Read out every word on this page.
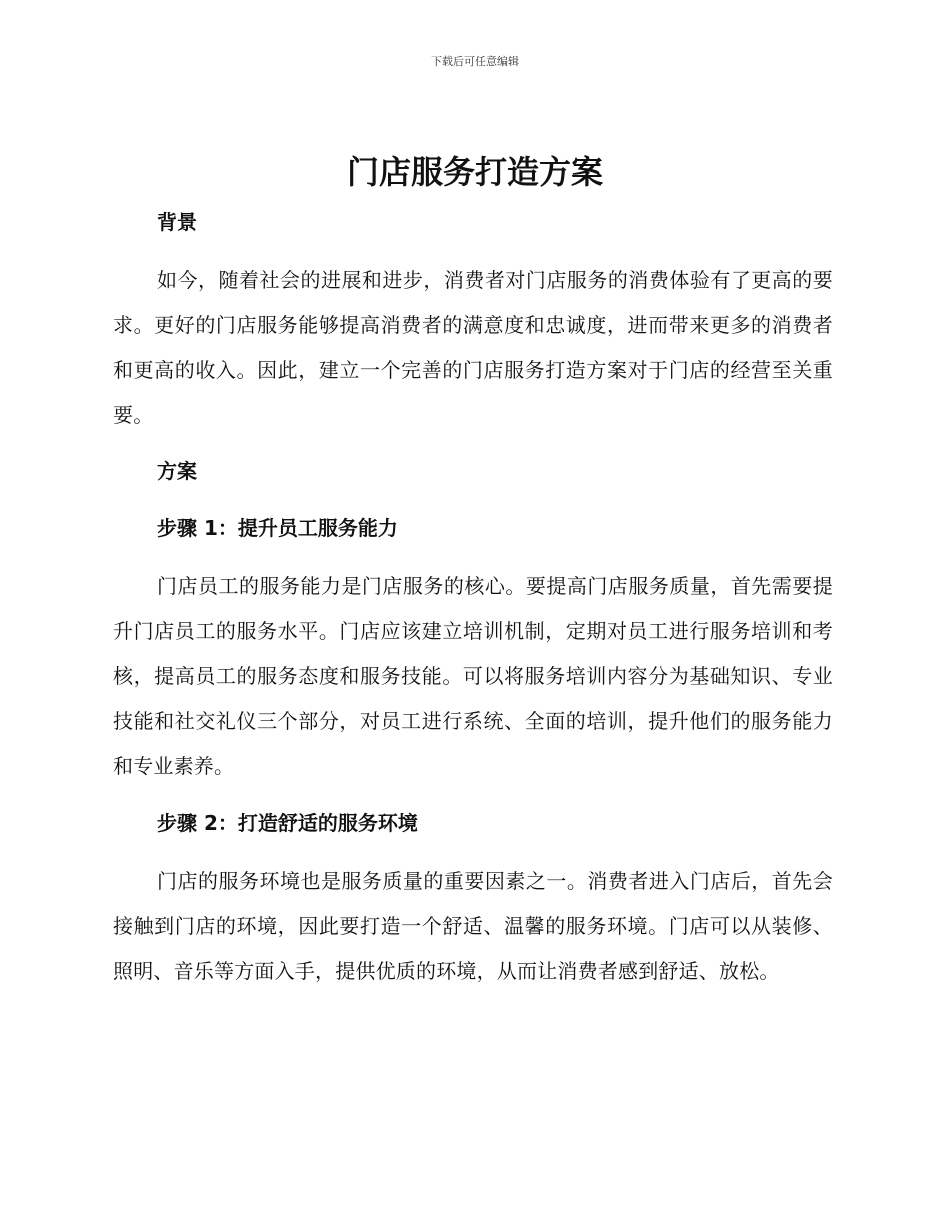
下载后可任意编辑
门店服务打造方案
背景
如今，随着社会的进展和进步，消费者对门店服务的消费体验有了更高的要求。更好的门店服务能够提高消费者的满意度和忠诚度，进而带来更多的消费者和更高的收入。因此，建立一个完善的门店服务打造方案对于门店的经营至关重要。
方案
步骤 1：提升员工服务能力
门店员工的服务能力是门店服务的核心。要提高门店服务质量，首先需要提升门店员工的服务水平。门店应该建立培训机制，定期对员工进行服务培训和考核，提高员工的服务态度和服务技能。可以将服务培训内容分为基础知识、专业技能和社交礼仪三个部分，对员工进行系统、全面的培训，提升他们的服务能力和专业素养。
步骤 2：打造舒适的服务环境
门店的服务环境也是服务质量的重要因素之一。消费者进入门店后，首先会接触到门店的环境，因此要打造一个舒适、温馨的服务环境。门店可以从装修、照明、音乐等方面入手，提供优质的环境，从而让消费者感到舒适、放松。
